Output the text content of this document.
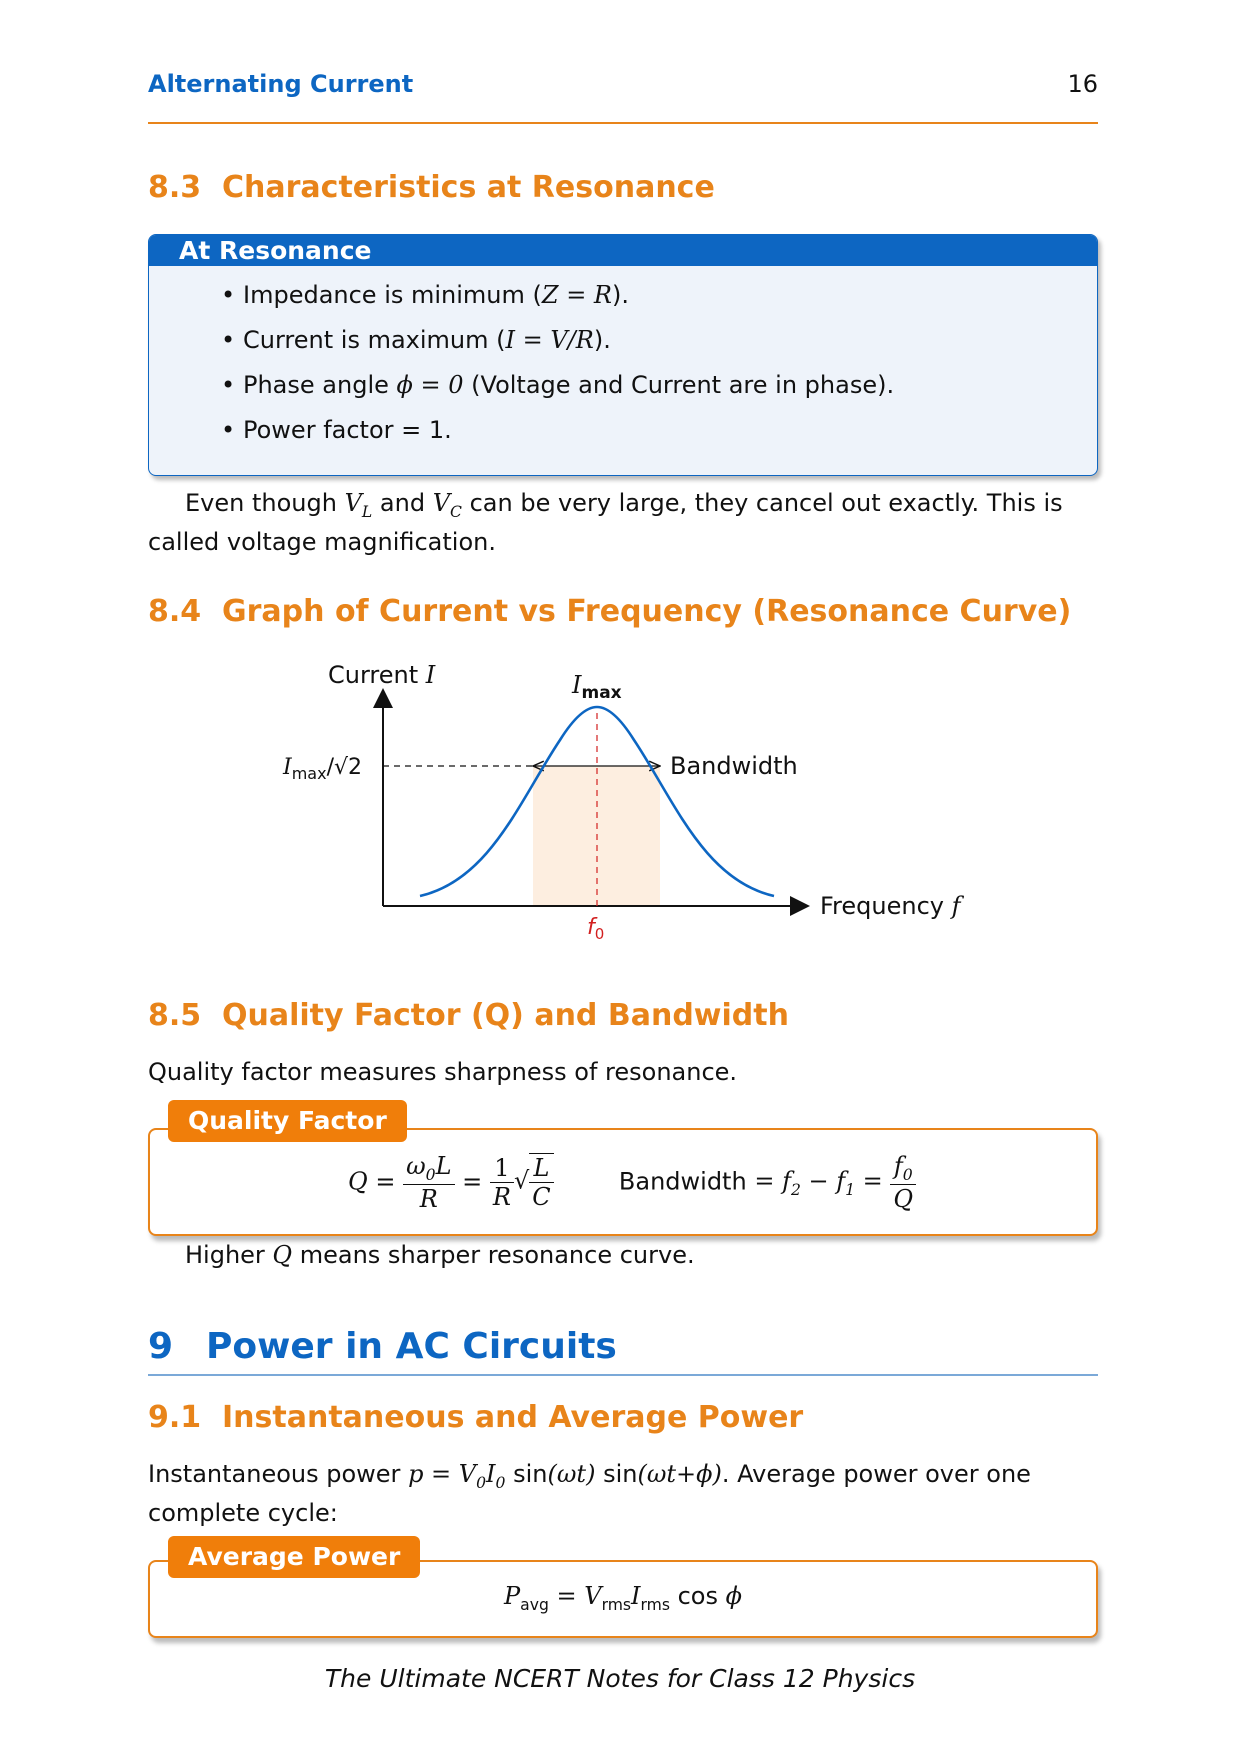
Alternating Current	16
8.3 Characteristics at Resonance
At Resonance
• Impedance is minimum (Z = R).
• Current is maximum (I = V/R).
• Phase angle ϕ = 0 (Voltage and Current are in phase).
• Power factor = 1.
Even though $V_L$ and $V_C$ can be very large, they cancel out exactly. This is called voltage magnification.
8.4 Graph of Current vs Frequency (Resonance Curve)
Current I	$I_{max}$
$I_{max}/√2$	Bandwidth
Frequency f
$f_0$
8.5 Quality Factor (Q) and Bandwidth
Quality factor measures sharpness of resonance.
$Q = \frac{\omega_0L}{R} = \frac{1}{R}$ √ $\frac{L}{C}$	Bandwidth = $f_2 - f_1 = \frac{f_0}{Q}$
Quality Factor
Higher Q means sharper resonance curve.
9 Power in AC Circuits
9.1 Instantaneous and Average Power
Instantaneous power $p = V_0I_0$ sin(ωt) sin(ωt+ϕ). Average power over one complete cycle:
$P_{avg} = V_{rms}I_{rms}$ cos ϕ
Average Power
The Ultimate NCERT Notes for Class 12 Physics
